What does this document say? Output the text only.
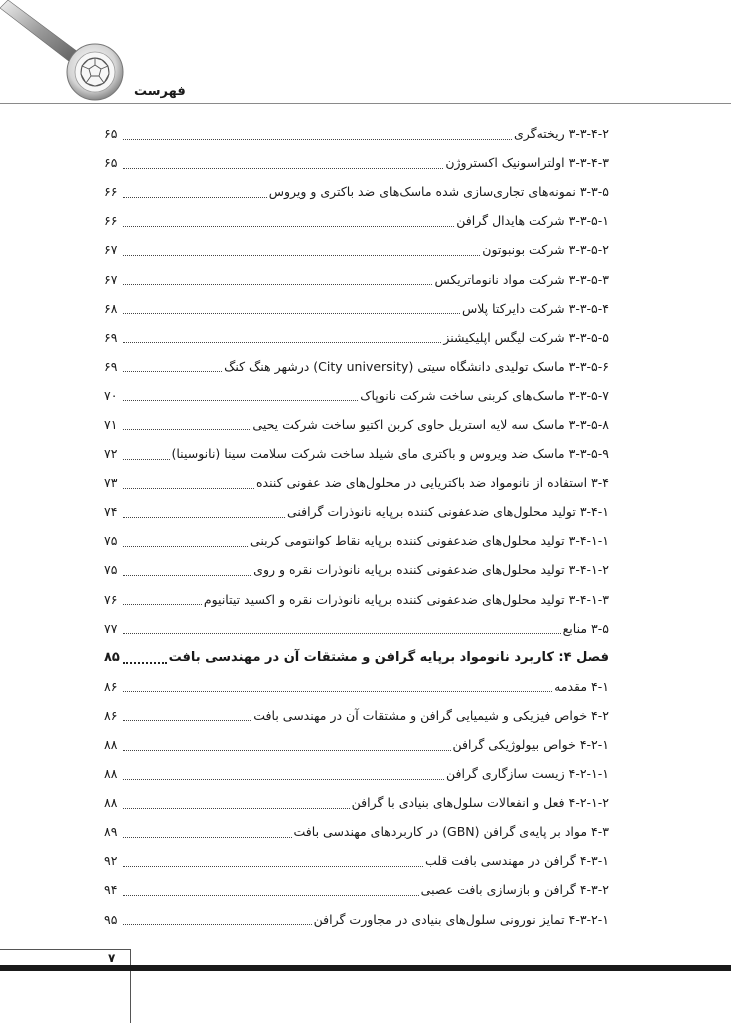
فهرست
۳-۳-۴-۲ ریخته‌گری
۶۵
۳-۳-۴-۳ اولتراسونیک اکستروژن
۶۵
۳-۳-۵ نمونه‌های تجاری‌سازی شده ماسک‌های ضد باکتری و ویروس
۶۶
۳-۳-۵-۱ شرکت هایدال گرافن
۶۶
۳-۳-۵-۲ شرکت بونبوتون
۶۷
۳-۳-۵-۳ شرکت مواد نانوماتریکس
۶۷
۳-۳-۵-۴ شرکت دایرکتا پلاس
۶۸
۳-۳-۵-۵ شرکت لیگس اپلیکیشنز
۶۹
۳-۳-۵-۶ ماسک تولیدی دانشگاه سیتی (City university) درشهر هنگ کنگ
۶۹
۳-۳-۵-۷ ماسک‌های کربنی ساخت شرکت نانوپاک
۷۰
۳-۳-۵-۸ ماسک سه لایه استریل حاوی کربن اکتیو ساخت شرکت یحیی
۷۱
۳-۳-۵-۹ ماسک ضد ویروس و باکتری مای شیلد ساخت شرکت سلامت سینا (نانوسینا)
۷۲
۳-۴ استفاده از نانومواد ضد باکتریایی در محلول‌های ضد عفونی کننده
۷۳
۳-۴-۱ تولید محلول‌های ضدعفونی کننده برپایه نانوذرات گرافنی
۷۴
۳-۴-۱-۱ تولید محلول‌های ضدعفونی کننده برپایه نقاط کوانتومی کربنی
۷۵
۳-۴-۱-۲ تولید محلول‌های ضدعفونی کننده برپایه نانوذرات نقره و روی
۷۵
۳-۴-۱-۳ تولید محلول‌های ضدعفونی کننده برپایه نانوذرات نقره و اکسید تیتانیوم
۷۶
۳-۵ منابع
۷۷
فصل ۴: کاربرد نانومواد برپایه گرافن و مشتقات آن در مهندسی بافت
۸۵
۴-۱ مقدمه
۸۶
۴-۲ خواص فیزیکی و شیمیایی گرافن و مشتقات آن در مهندسی بافت
۸۶
۴-۲-۱ خواص بیولوژیکی گرافن
۸۸
۴-۲-۱-۱ زیست سازگاری گرافن
۸۸
۴-۲-۱-۲ فعل و انفعالات سلول‌های بنیادی با گرافن
۸۸
۴-۳ مواد بر پایه‌ی گرافن (GBN) در کاربردهای مهندسی بافت
۸۹
۴-۳-۱ گرافن در مهندسی بافت قلب
۹۲
۴-۳-۲ گرافن و بازسازی بافت عصبی
۹۴
۴-۳-۲-۱ تمایز نورونی سلول‌های بنیادی در مجاورت گرافن
۹۵
۷
